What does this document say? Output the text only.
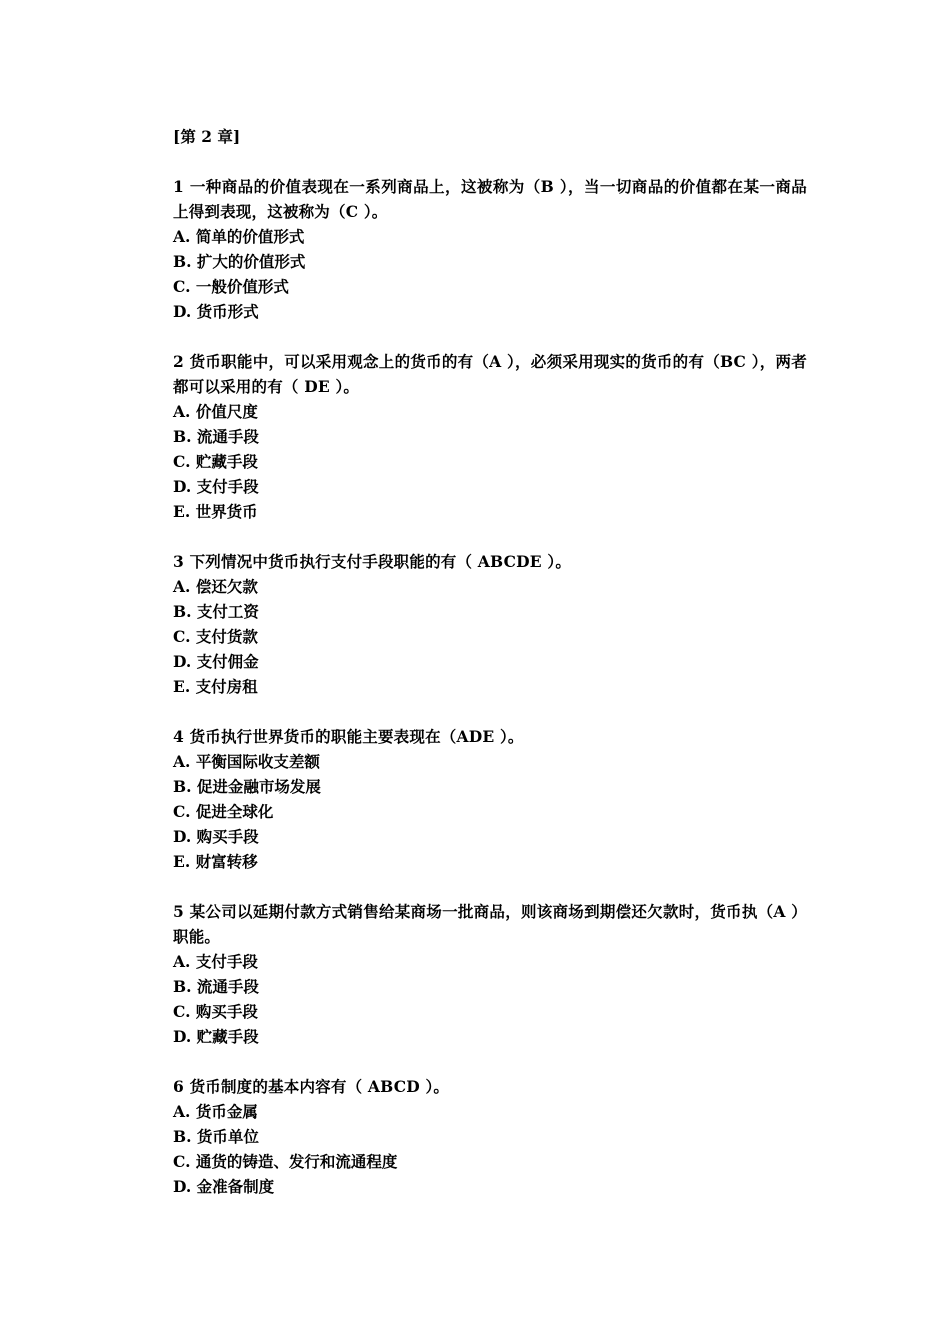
[第 2 章]
1 一种商品的价值表现在一系列商品上，这被称为（B ），当一切商品的价值都在某一商品上得到表现，这被称为（C ）。
A. 简单的价值形式
B. 扩大的价值形式
C. 一般价值形式
D. 货币形式
2 货币职能中，可以采用观念上的货币的有（A ），必须采用现实的货币的有（BC ），两者都可以采用的有（ DE ）。
A. 价值尺度
B. 流通手段
C. 贮藏手段
D. 支付手段
E. 世界货币
3 下列情况中货币执行支付手段职能的有（ ABCDE ）。
A. 偿还欠款
B. 支付工资
C. 支付货款
D. 支付佣金
E. 支付房租
4 货币执行世界货币的职能主要表现在（ADE ）。
A. 平衡国际收支差额
B. 促进金融市场发展
C. 促进全球化
D. 购买手段
E. 财富转移
5 某公司以延期付款方式销售给某商场一批商品，则该商场到期偿还欠款时，货币执（A ）职能。
A. 支付手段
B. 流通手段
C. 购买手段
D. 贮藏手段
6 货币制度的基本内容有（ ABCD ）。
A. 货币金属
B. 货币单位
C. 通货的铸造、发行和流通程度
D. 金准备制度
